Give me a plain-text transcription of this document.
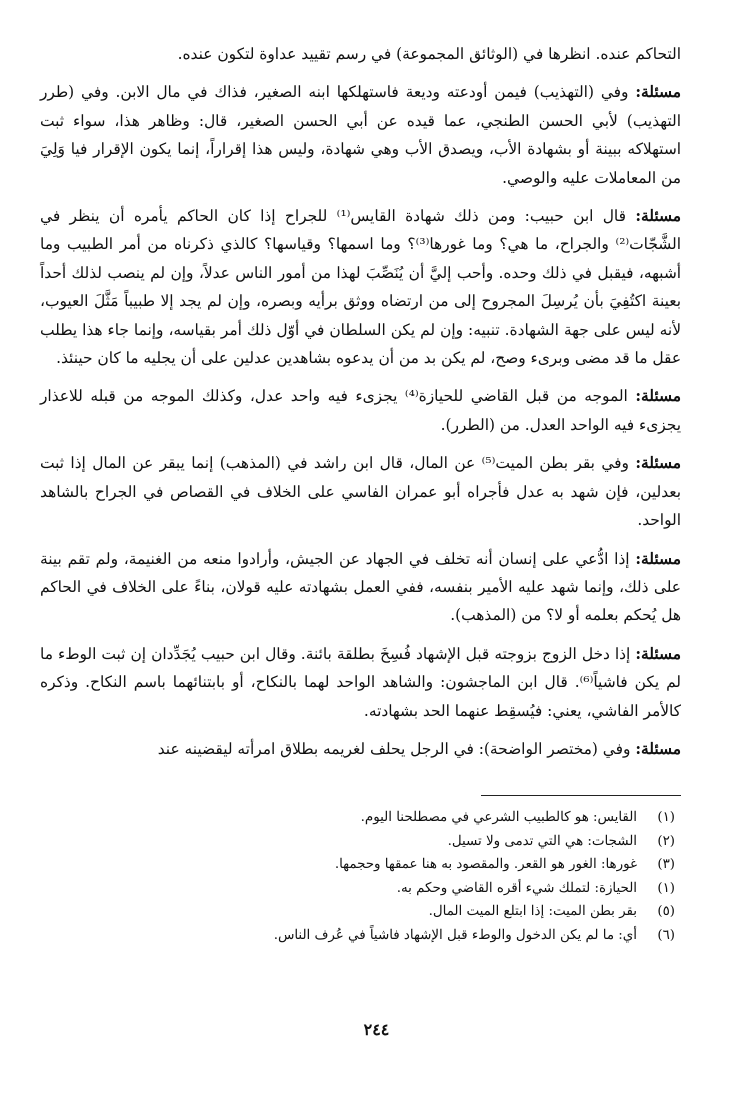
التحاكم عنده. انظرها في (الوثائق المجموعة) في رسم تقييد عداوة لتكون عنده.

مسئلة: وفي (التهذيب) فيمن أودعته وديعة فاستهلكها ابنه الصغير، فذاك في مال الابن. وفي (طرر التهذيب) لأبي الحسن الطنجي، عما قيده عن أبي الحسن الصغير، قال: وظاهر هذا، سواء ثبت استهلاكه ببينة أو بشهادة الأب، ويصدق الأب وهي شهادة، وليس هذا إقراراً، إنما يكون الإقرار فيا وَلِيَ من المعاملات عليه والوصي.

مسئلة: قال ابن حبيب: ومن ذلك شهادة القايس⁽¹⁾ للجراح إذا كان الحاكم يأمره أن ينظر في الشَّجّات⁽²⁾ والجراح، ما هي؟ وما غورها⁽³⁾؟ وما اسمها؟ وقياسها؟ كالذي ذكرناه من أمر الطبيب وما أشبهه، فيقبل في ذلك وحده. وأحب إليَّ أن يُنَصِّبَ لهذا من أمور الناس عدلاً، وإن لم ينصب لذلك أحداً بعينة اكتُفِيَ بأن يُرسِلَ المجروح إلى من ارتضاه ووثق برأيه وبصره، وإن لم يجد إلا طبيباً مَثَّلَ العيوب، لأنه ليس على جهة الشهادة. تنبيه: وإن لم يكن السلطان في أوّل ذلك أمر بقياسه، وإنما جاء هذا يطلب عقل ما قد مضى وبرىء وصح، لم يكن بد من أن يدعوه بشاهدين عدلين على أن يجليه ما كان حينئذ.

مسئلة: الموجه من قبل القاضي للحيازة⁽⁴⁾ يجزىء فيه واحد عدل، وكذلك الموجه من قبله للاعذار يجزىء فيه الواحد العدل. من (الطرر).

مسئلة: وفي بقر بطن الميت⁽⁵⁾ عن المال، قال ابن راشد في (المذهب) إنما يبقر عن المال إذا ثبت بعدلين، فإن شهد به عدل فأجراه أبو عمران الفاسي على الخلاف في القصاص في الجراح بالشاهد الواحد.

مسئلة: إذا ادُّعي على إنسان أنه تخلف في الجهاد عن الجيش، وأرادوا منعه من الغنيمة، ولم تقم بينة على ذلك، وإنما شهد عليه الأمير بنفسه، ففي العمل بشهادته عليه قولان، بناءً على الخلاف في الحاكم هل يُحكم بعلمه أو لا؟ من (المذهب).

مسئلة: إذا دخل الزوج بزوجته قبل الإشهاد فُسِخَ بطلقة بائنة. وقال ابن حبيب يُجَدِّدان إن ثبت الوطء ما لم يكن فاشياً⁽⁶⁾. قال ابن الماجشون: والشاهد الواحد لهما بالنكاح، أو بابتنائهما باسم النكاح. وذكره كالأمر الفاشي، يعني: فيُسقِط عنهما الحد بشهادته.

مسئلة: وفي (مختصر الواضحة): في الرجل يحلف لغريمه بطلاق امرأته ليقضينه عند

(١)
القايس: هو كالطبيب الشرعي في مصطلحنا اليوم.
(٢)
الشجات: هي التي تدمى ولا تسيل.
(٣)
غورها: الغور هو القعر. والمقصود به هنا عمقها وحجمها.
(١)
الحيازة: لتملك شيء أقره القاضي وحكم به.
(٥)
بقر بطن الميت: إذا ابتلع الميت المال.
(٦)
أي: ما لم يكن الدخول والوطء قبل الإشهاد فاشياً في عُرف الناس.
٢٤٤
